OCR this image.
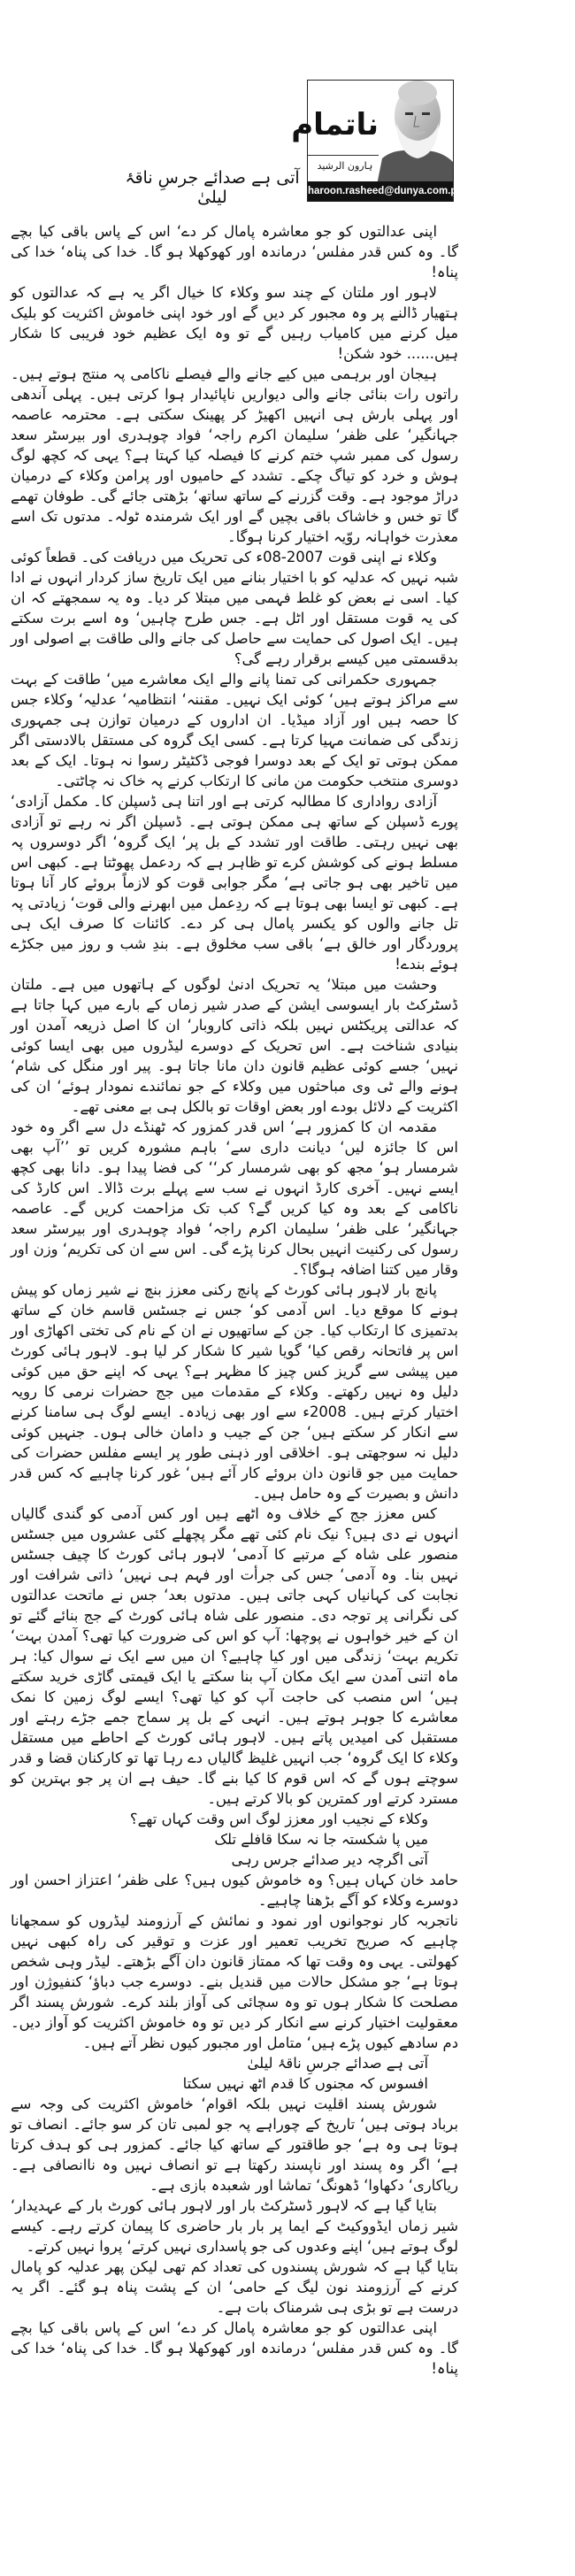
ناتمام
ہارون الرشید
haroon.rasheed@dunya.com.pk
آتی ہے صدائے جرسِ ناقۂ لیلیٰ

اپنی عدالتوں کو جو معاشرہ پامال کر دے‘ اس کے پاس باقی کیا بچے گا۔ وہ کس قدر مفلس‘ درماندہ اور کھوکھلا ہو گا۔ خدا کی پناہ‘ خدا کی پناہ!

لاہور اور ملتان کے چند سو وکلاء کا خیال اگر یہ ہے کہ عدالتوں کو ہتھیار ڈالنے پر وہ مجبور کر دیں گے اور خود اپنی خاموش اکثریت کو بلیک میل کرنے میں کامیاب رہیں گے تو وہ ایک عظیم خود فریبی کا شکار ہیں...... خود شکن!

ہیجان اور برہمی میں کیے جانے والے فیصلے ناکامی پہ منتج ہوتے ہیں۔ راتوں رات بنائی جانے والی دیواریں ناپائیدار ہوا کرتی ہیں۔ پہلی آندھی اور پہلی بارش ہی انہیں اکھیڑ کر پھینک سکتی ہے۔ محترمہ عاصمہ جہانگیر‘ علی ظفر‘ سلیمان اکرم راجہ‘ فواد چوہدری اور بیرسٹر سعد رسول کی ممبر شپ ختم کرنے کا فیصلہ کیا کہتا ہے؟ یہی کہ کچھ لوگ ہوش و خرد کو تیاگ چکے۔ تشدد کے حامیوں اور پرامن وکلاء کے درمیان دراڑ موجود ہے۔ وقت گزرنے کے ساتھ ساتھ‘ بڑھتی جائے گی۔ طوفان تھمے گا تو خس و خاشاک باقی بچیں گے اور ایک شرمندہ ٹولہ۔ مدتوں تک اسے معذرت خواہانہ روّیہ اختیار کرنا ہوگا۔

وکلاء نے اپنی قوت 2007-08ء کی تحریک میں دریافت کی۔ قطعاً کوئی شبہ نہیں کہ عدلیہ کو با اختیار بنانے میں ایک تاریخ ساز کردار انہوں نے ادا کیا۔ اسی نے بعض کو غلط فہمی میں مبتلا کر دیا۔ وہ یہ سمجھتے کہ ان کی یہ قوت مستقل اور اٹل ہے۔ جس طرح چاہیں‘ وہ اسے برت سکتے ہیں۔ ایک اصول کی حمایت سے حاصل کی جانے والی طاقت بے اصولی اور بدقسمتی میں کیسے برقرار رہے گی؟

جمہوری حکمرانی کی تمنا پانے والے ایک معاشرے میں‘ طاقت کے بہت سے مراکز ہوتے ہیں‘ کوئی ایک نہیں۔ مقننہ‘ انتظامیہ‘ عدلیہ‘ وکلاء جس کا حصہ ہیں اور آزاد میڈیا۔ ان اداروں کے درمیان توازن ہی جمہوری زندگی کی ضمانت مہیا کرتا ہے۔ کسی ایک گروہ کی مستقل بالادستی اگر ممکن ہوتی تو ایک کے بعد دوسرا فوجی ڈکٹیٹر رسوا نہ ہوتا۔ ایک کے بعد دوسری منتخب حکومت من مانی کا ارتکاب کرنے پہ خاک نہ چاٹتی۔

آزادی رواداری کا مطالبہ کرتی ہے اور اتنا ہی ڈسپلن کا۔ مکمل آزادی‘ پورے ڈسپلن کے ساتھ ہی ممکن ہوتی ہے۔ ڈسپلن اگر نہ رہے تو آزادی بھی نہیں رہتی۔ طاقت اور تشدد کے بل پر‘ ایک گروہ‘ اگر دوسروں پہ مسلط ہونے کی کوشش کرے تو ظاہر ہے کہ ردعمل پھوٹتا ہے۔ کبھی اس میں تاخیر بھی ہو جاتی ہے‘ مگر جوابی قوت کو لازماً بروئے کار آنا ہوتا ہے۔ کبھی تو ایسا بھی ہوتا ہے کہ ردِعمل میں ابھرنے والی قوت‘ زیادتی پہ تل جانے والوں کو یکسر پامال ہی کر دے۔ کائنات کا صرف ایک ہی پروردگار اور خالق ہے‘ باقی سب مخلوق ہے۔ بندِ شب و روز میں جکڑے ہوئے بندے!

وحشت میں مبتلا‘ یہ تحریک ادنیٰ لوگوں کے ہاتھوں میں ہے۔ ملتان ڈسٹرکٹ بار ایسوسی ایشن کے صدر شیر زماں کے بارے میں کہا جاتا ہے کہ عدالتی پریکٹس نہیں بلکہ ذاتی کاروبار‘ ان کا اصل ذریعہ آمدن اور بنیادی شناخت ہے۔ اس تحریک کے دوسرے لیڈروں میں بھی ایسا کوئی نہیں‘ جسے کوئی عظیم قانون دان مانا جاتا ہو۔ پیر اور منگل کی شام‘ ہونے والے ٹی وی مباحثوں میں وکلاء کے جو نمائندے نمودار ہوئے‘ ان کی اکثریت کے دلائل بودے اور بعض اوقات تو بالکل ہی بے معنی تھے۔

مقدمہ ان کا کمزور ہے‘ اس قدر کمزور کہ ٹھنڈے دل سے اگر وہ خود اس کا جائزہ لیں‘ دیانت داری سے‘ باہم مشورہ کریں تو ’’آپ بھی شرمسار ہو‘ مجھ کو بھی شرمسار کر‘‘ کی فضا پیدا ہو۔ دانا بھی کچھ ایسے نہیں۔ آخری کارڈ انہوں نے سب سے پہلے برت ڈالا۔ اس کارڈ کی ناکامی کے بعد وہ کیا کریں گے؟ کب تک مزاحمت کریں گے۔ عاصمہ جہانگیر‘ علی ظفر‘ سلیمان اکرم راجہ‘ فواد چوہدری اور بیرسٹر سعد رسول کی رکنیت انہیں بحال کرنا پڑے گی۔ اس سے ان کی تکریم‘ وزن اور وقار میں کتنا اضافہ ہوگا؟۔

پانچ بار لاہور ہائی کورٹ کے پانچ رکنی معزز بنچ نے شیر زماں کو پیش ہونے کا موقع دیا۔ اس آدمی کو‘ جس نے جسٹس قاسم خان کے ساتھ بدتمیزی کا ارتکاب کیا۔ جن کے ساتھیوں نے ان کے نام کی تختی اکھاڑی اور اس پر فاتحانہ رقص کیا‘ گویا شیر کا شکار کر لیا ہو۔ لاہور ہائی کورٹ میں پیشی سے گریز کس چیز کا مظہر ہے؟ یہی کہ اپنے حق میں کوئی دلیل وہ نہیں رکھتے۔ وکلاء کے مقدمات میں جج حضرات نرمی کا رویہ اختیار کرتے ہیں۔ 2008ء سے اور بھی زیادہ۔ ایسے لوگ ہی سامنا کرنے سے انکار کر سکتے ہیں‘ جن کے جیب و دامان خالی ہوں۔ جنہیں کوئی دلیل نہ سوجھتی ہو۔ اخلاقی اور ذہنی طور پر ایسے مفلس حضرات کی حمایت میں جو قانون دان بروئے کار آئے ہیں‘ غور کرنا چاہیے کہ کس قدر دانش و بصیرت کے وہ حامل ہیں۔

کس معزز جج کے خلاف وہ اٹھے ہیں اور کس آدمی کو گندی گالیاں انہوں نے دی ہیں؟ نیک نام کئی تھے مگر پچھلے کئی عشروں میں جسٹس منصور علی شاہ کے مرتبے کا آدمی‘ لاہور ہائی کورٹ کا چیف جسٹس نہیں بنا۔ وہ آدمی‘ جس کی جرأت اور فہم ہی نہیں‘ ذاتی شرافت اور نجابت کی کہانیاں کہی جاتی ہیں۔ مدتوں بعد‘ جس نے ماتحت عدالتوں کی نگرانی پر توجہ دی۔ منصور علی شاہ ہائی کورٹ کے جج بنائے گئے تو ان کے خیر خواہوں نے پوچھا: آپ کو اس کی ضرورت کیا تھی؟ آمدن بہت‘ تکریم بہت‘ زندگی میں اور کیا چاہیے؟ ان میں سے ایک نے سوال کیا: ہر ماہ اتنی آمدن سے ایک مکان آپ بنا سکتے یا ایک قیمتی گاڑی خرید سکتے ہیں‘ اس منصب کی حاجت آپ کو کیا تھی؟ ایسے لوگ زمین کا نمک معاشرے کا جوہر ہوتے ہیں۔ انہی کے بل پر سماج جمے جڑے رہتے اور مستقبل کی امیدیں پاتے ہیں۔ لاہور ہائی کورٹ کے احاطے میں مستقل وکلاء کا ایک گروہ‘ جب انہیں غلیظ گالیاں دے رہا تھا تو کارکنان قضا و قدر سوچتے ہوں گے کہ اس قوم کا کیا بنے گا۔ حیف ہے ان پر جو بہترین کو مسترد کرتے اور کمترین کو بالا کرتے ہیں۔

وکلاء کے نجیب اور معزز لوگ اس وقت کہاں تھے؟

میں پا شکستہ جا نہ سکا قافلے تلک

آتی اگرچہ دیر صدائے جرس رہی

حامد خان کہاں ہیں؟ وہ خاموش کیوں ہیں؟ علی ظفر‘ اعتزاز احسن اور دوسرے وکلاء کو آگے بڑھنا چاہیے۔

ناتجربہ کار نوجوانوں اور نمود و نمائش کے آرزومند لیڈروں کو سمجھانا چاہیے کہ صریح تخریب تعمیر اور عزت و توقیر کی راہ کبھی نہیں کھولتی۔ یہی وہ وقت تھا کہ ممتاز قانون دان آگے بڑھتے۔ لیڈر وہی شخص ہوتا ہے‘ جو مشکل حالات میں قندیل بنے۔ دوسرے جب دباؤ‘ کنفیوژن اور مصلحت کا شکار ہوں تو وہ سچائی کی آواز بلند کرے۔ شورش پسند اگر معقولیت اختیار کرنے سے انکار کر دیں تو وہ خاموش اکثریت کو آواز دیں۔ دم سادھے کیوں پڑے ہیں‘ متامل اور مجبور کیوں نظر آتے ہیں۔

آتی ہے صدائے جرسِ ناقۂ لیلیٰ

افسوس کہ مجنوں کا قدم اٹھ نہیں سکتا

شورش پسند اقلیت نہیں بلکہ اقوام‘ خاموش اکثریت کی وجہ سے برباد ہوتی ہیں‘ تاریخ کے چوراہے پہ جو لمبی تان کر سو جائے۔ انصاف تو ہوتا ہی وہ ہے‘ جو طاقتور کے ساتھ کیا جائے۔ کمزور ہی کو ہدف کرتا ہے‘ اگر وہ پسند اور ناپسند رکھتا ہے تو انصاف نہیں وہ ناانصافی ہے۔ ریاکاری‘ دکھاوا‘ ڈھونگ‘ تماشا اور شعبدہ بازی ہے۔

بتایا گیا ہے کہ لاہور ڈسٹرکٹ بار اور لاہور ہائی کورٹ بار کے عہدیدار‘ شیر زماں ایڈووکیٹ کے ایما پر بار بار حاضری کا پیمان کرتے رہے۔ کیسے لوگ ہوتے ہیں‘ اپنے وعدوں کی جو پاسداری نہیں کرتے‘ پروا نہیں کرتے۔

بتایا گیا ہے کہ شورش پسندوں کی تعداد کم تھی لیکن پھر عدلیہ کو پامال کرنے کے آرزومند نون لیگ کے حامی‘ ان کے پشت پناہ ہو گئے۔ اگر یہ درست ہے تو بڑی ہی شرمناک بات ہے۔

اپنی عدالتوں کو جو معاشرہ پامال کر دے‘ اس کے پاس باقی کیا بچے گا۔ وہ کس قدر مفلس‘ درماندہ اور کھوکھلا ہو گا۔ خدا کی پناہ‘ خدا کی پناہ!
